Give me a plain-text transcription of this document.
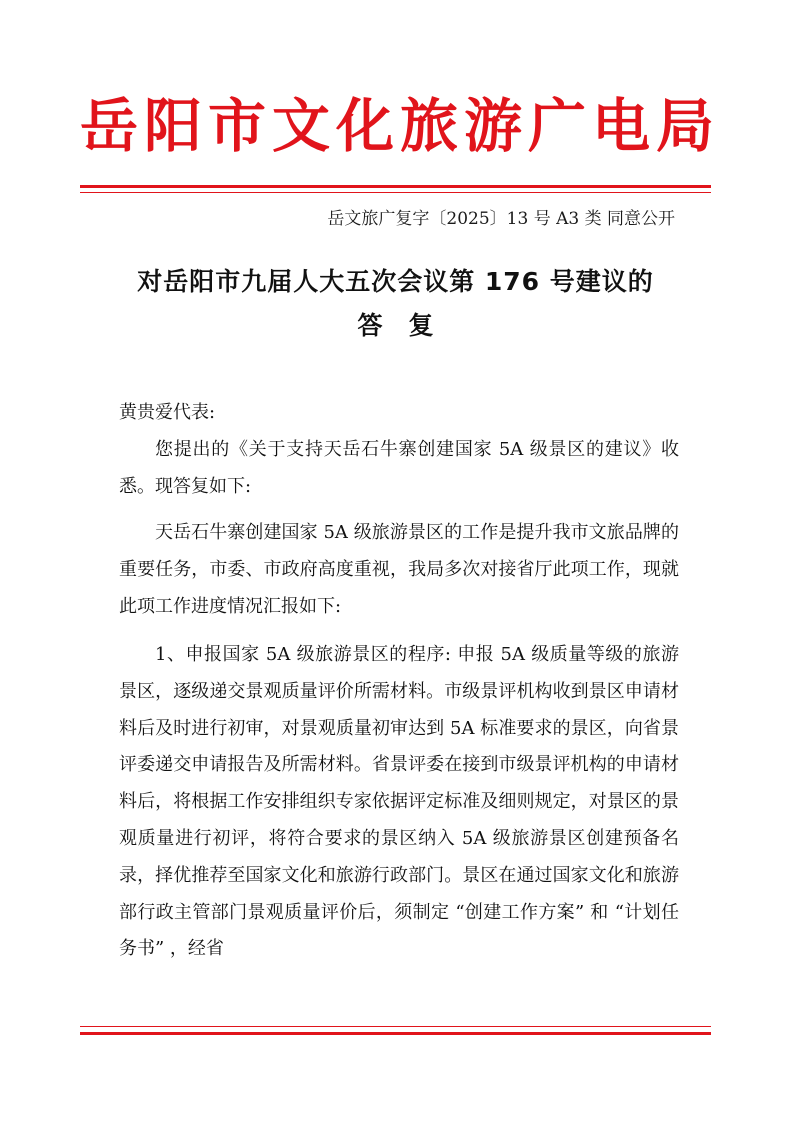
岳阳市文化旅游广电局
岳文旅广复字〔2025〕13 号 A3 类 同意公开
对岳阳市九届人大五次会议第 176 号建议的
答复
黄贵爱代表:
您提出的《关于支持天岳石牛寨创建国家 5A 级景区的建议》收悉。现答复如下:
天岳石牛寨创建国家 5A 级旅游景区的工作是提升我市文旅品牌的重要任务，市委、市政府高度重视，我局多次对接省厅此项工作，现就此项工作进度情况汇报如下:
1、申报国家 5A 级旅游景区的程序: 申报 5A 级质量等级的旅游景区，逐级递交景观质量评价所需材料。市级景评机构收到景区申请材料后及时进行初审，对景观质量初审达到 5A 标准要求的景区，向省景评委递交申请报告及所需材料。省景评委在接到市级景评机构的申请材料后，将根据工作安排组织专家依据评定标准及细则规定，对景区的景观质量进行初评，将符合要求的景区纳入 5A 级旅游景区创建预备名录，择优推荐至国家文化和旅游行政部门。景区在通过国家文化和旅游部行政主管部门景观质量评价后，须制定 “创建工作方案” 和 “计划任务书” ，经省
